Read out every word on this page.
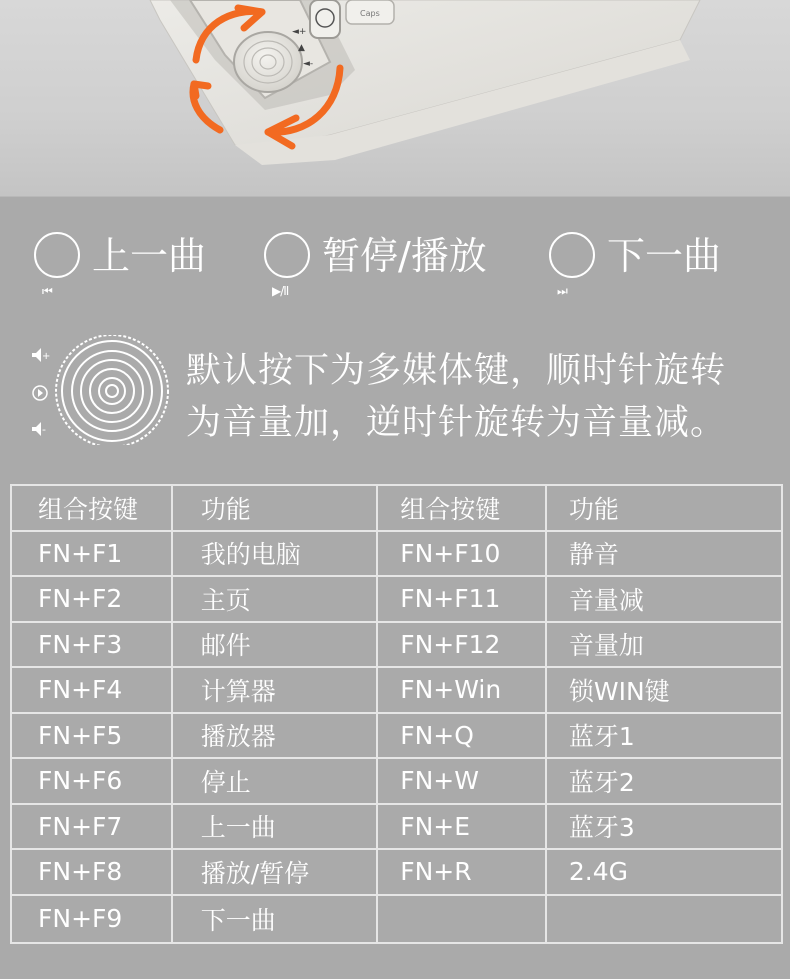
Caps
◄+
▲
◄-
上一曲
⏮
暂停/播放
▶/II
下一曲
⏭
+
-
默认按下为多媒体键，顺时针旋转
为音量加，逆时针旋转为音量减。
组合按键	功能	组合按键	功能
FN+F1	我的电脑	FN+F10	静音
FN+F2	主页	FN+F11	音量减
FN+F3	邮件	FN+F12	音量加
FN+F4	计算器	FN+Win	锁WIN键
FN+F5	播放器	FN+Q	蓝牙1
FN+F6	停止	FN+W	蓝牙2
FN+F7	上一曲	FN+E	蓝牙3
FN+F8	播放/暂停	FN+R	2.4G
FN+F9	下一曲		
